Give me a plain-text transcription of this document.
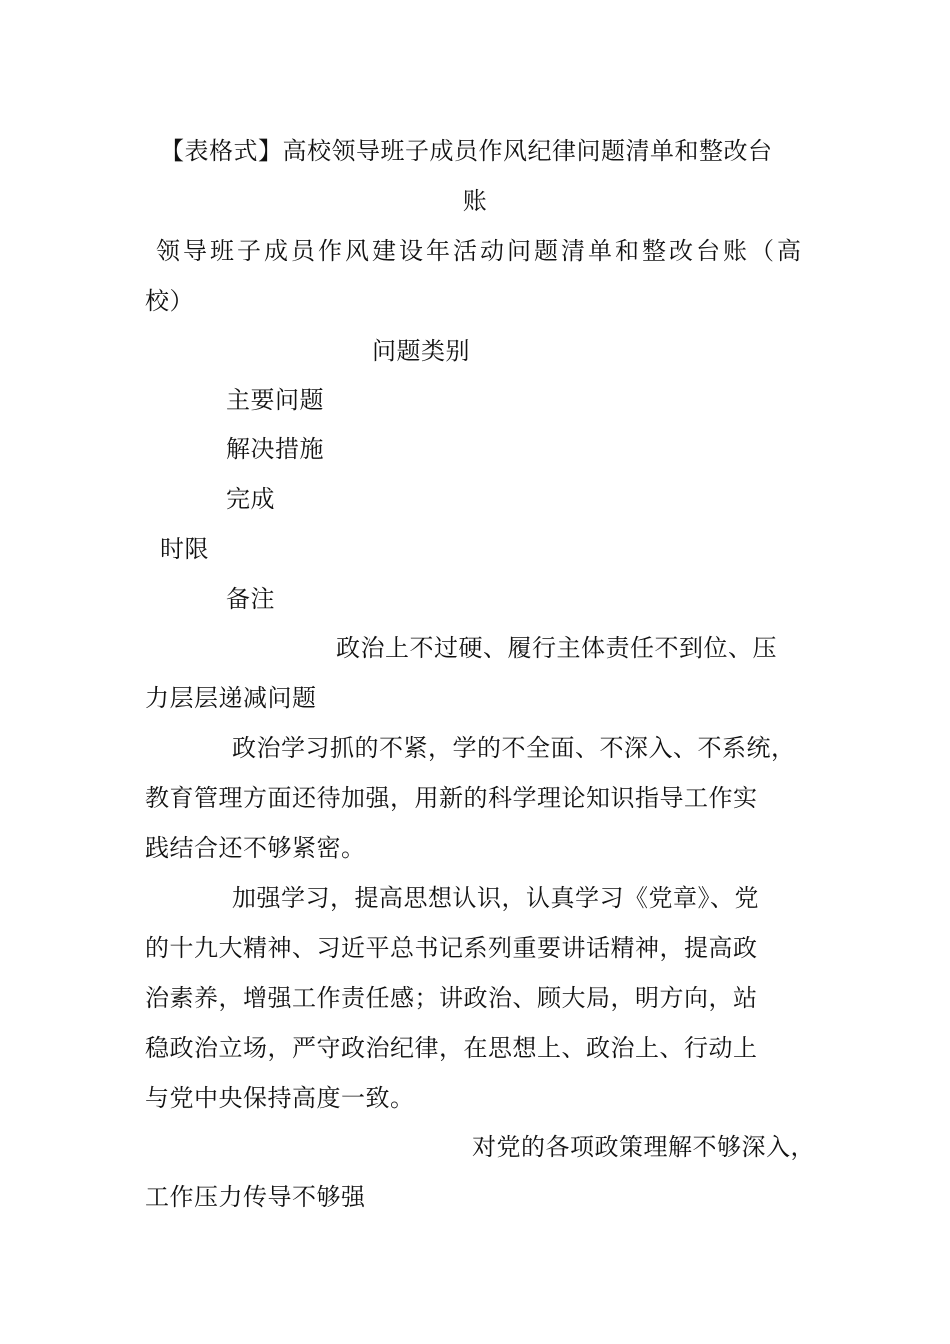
【表格式】高校领导班子成员作风纪律问题清单和整改台
账
领导班子成员作风建设年活动问题清单和整改台账（高
校）
问题类别
主要问题
解决措施
完成
时限
备注
政治上不过硬、履行主体责任不到位、压
力层层递减问题
政治学习抓的不紧，学的不全面、不深入、不系统，
教育管理方面还待加强，用新的科学理论知识指导工作实
践结合还不够紧密。
加强学习，提高思想认识，认真学习《党章》、党
的十九大精神、习近平总书记系列重要讲话精神，提高政
治素养，增强工作责任感；讲政治、顾大局，明方向，站
稳政治立场，严守政治纪律，在思想上、政治上、行动上
与党中央保持高度一致。
对党的各项政策理解不够深入，
工作压力传导不够强
